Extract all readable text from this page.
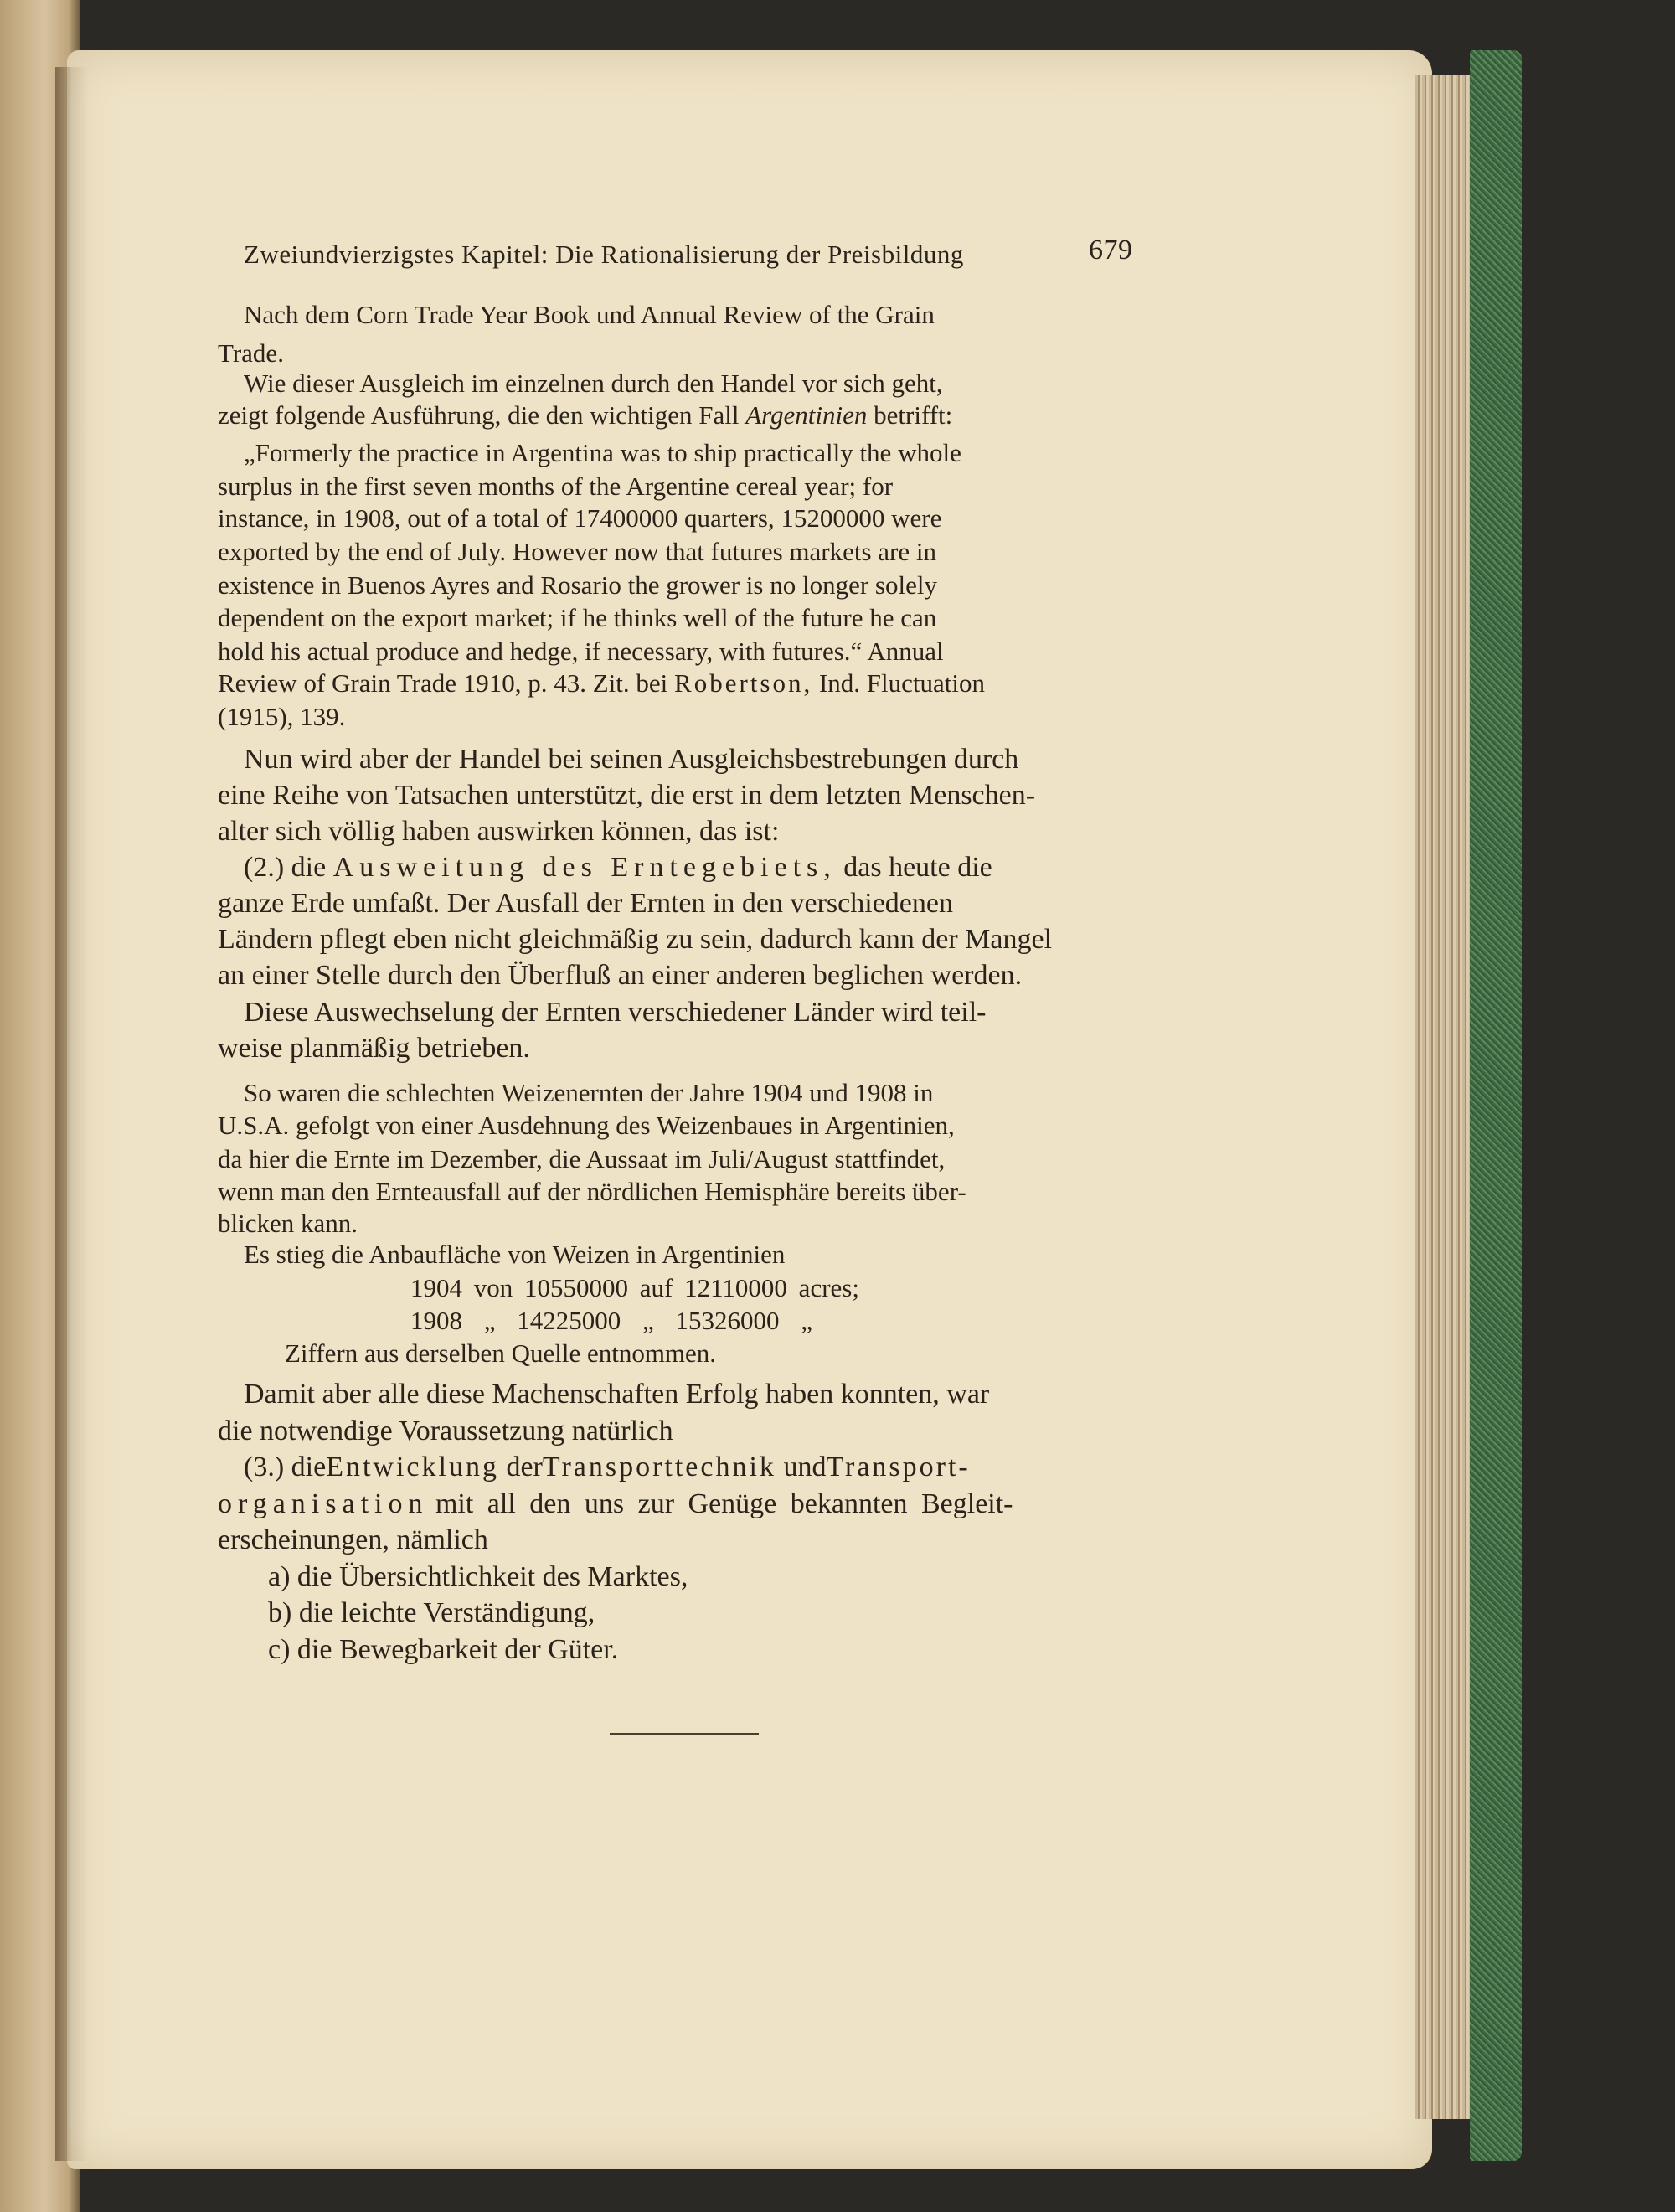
Zweiundvierzigstes Kapitel: Die Rationalisierung der Preisbildung	679

Nach dem Corn Trade Year Book und Annual Review of the Grain

Trade.

Wie dieser Ausgleich im einzelnen durch den Handel vor sich geht,

zeigt folgende Ausführung, die den wichtigen Fall Argentinien betrifft:

„Formerly the practice in Argentina was to ship practically the whole

surplus in the first seven months of the Argentine cereal year; for

instance, in 1908, out of a total of 17400000 quarters, 15200000 were

exported by the end of July. However now that futures markets are in

existence in Buenos Ayres and Rosario the grower is no longer solely

dependent on the export market; if he thinks well of the future he can

hold his actual produce and hedge, if necessary, with futures.“ Annual

Review of Grain Trade 1910, p. 43. Zit. bei Robertson, Ind. Fluctuation

(1915), 139.

Nun wird aber der Handel bei seinen Ausgleichsbestrebungen durch

eine Reihe von Tatsachen unterstützt, die erst in dem letzten Menschen-

alter sich völlig haben auswirken können, das ist:

(2.) die Ausweitung des Erntegebiets, das heute die

ganze Erde umfaßt. Der Ausfall der Ernten in den verschiedenen

Ländern pflegt eben nicht gleichmäßig zu sein, dadurch kann der Mangel

an einer Stelle durch den Überfluß an einer anderen beglichen werden.

Diese Auswechselung der Ernten verschiedener Länder wird teil-

weise planmäßig betrieben.

So waren die schlechten Weizenernten der Jahre 1904 und 1908 in

U.S.A. gefolgt von einer Ausdehnung des Weizenbaues in Argentinien,

da hier die Ernte im Dezember, die Aussaat im Juli/August stattfindet,

wenn man den Ernteausfall auf der nördlichen Hemisphäre bereits über-

blicken kann.

Es stieg die Anbaufläche von Weizen in Argentinien

1904 von 10550000 auf 12110000 acres;

1908 „ 14225000 „ 15326000 „

Ziffern aus derselben Quelle entnommen.

Damit aber alle diese Machenschaften Erfolg haben konnten, war

die notwendige Voraussetzung natürlich

(3.) dieEntwicklung derTransporttechnik undTransport-

organisation mit all den uns zur Genüge bekannten Begleit-

erscheinungen, nämlich

a) die Übersichtlichkeit des Marktes,

b) die leichte Verständigung,

c) die Bewegbarkeit der Güter.
